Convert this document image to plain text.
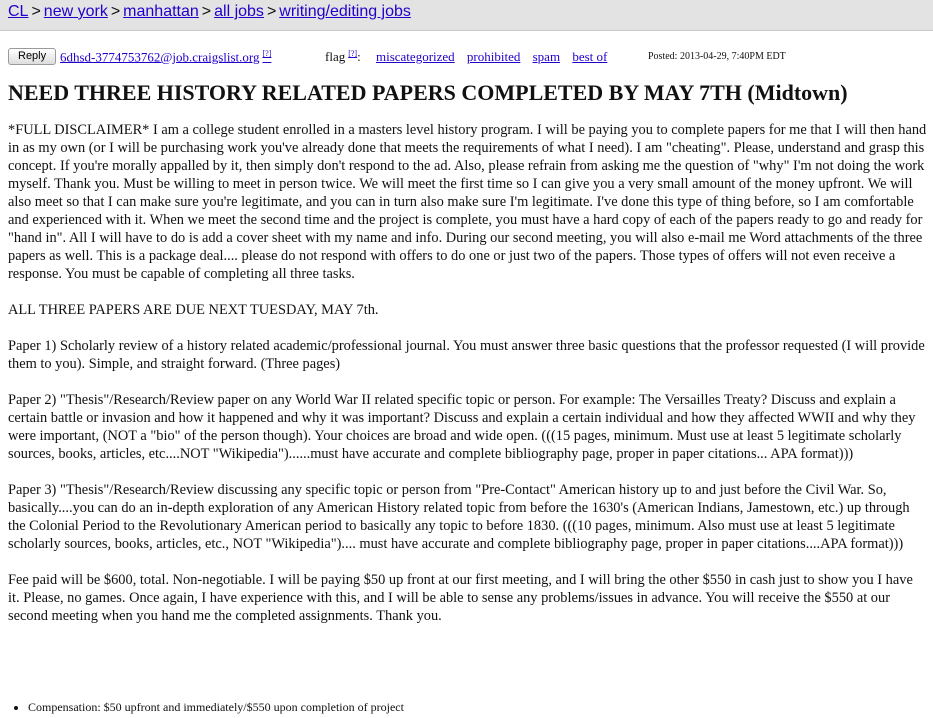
CL > new york > manhattan > all jobs > writing/editing jobs
Reply	6dhsd-3774753762@job.craigslist.org [?]	flag [?]: miscategorized prohibited spam best of	Posted: 2013-04-29, 7:40PM EDT
NEED THREE HISTORY RELATED PAPERS COMPLETED BY MAY 7TH (Midtown)

*FULL DISCLAIMER* I am a college student enrolled in a masters level history program. I will be paying you to complete papers for me that I will then hand in as my own (or I will be purchasing work you've already done that meets the requirements of what I need). I am "cheating". Please, understand and grasp this concept. If you're morally appalled by it, then simply don't respond to the ad. Also, please refrain from asking me the question of "why" I'm not doing the work myself. Thank you. Must be willing to meet in person twice. We will meet the first time so I can give you a very small amount of the money upfront. We will also meet so that I can make sure you're legitimate, and you can in turn also make sure I'm legitimate. I've done this type of thing before, so I am comfortable and experienced with it. When we meet the second time and the project is complete, you must have a hard copy of each of the papers ready to go and ready for "hand in". All I will have to do is add a cover sheet with my name and info. During our second meeting, you will also e-mail me Word attachments of the three papers as well. This is a package deal.... please do not respond with offers to do one or just two of the papers. Those types of offers will not even receive a response. You must be capable of completing all three tasks.

ALL THREE PAPERS ARE DUE NEXT TUESDAY, MAY 7th.

Paper 1) Scholarly review of a history related academic/professional journal. You must answer three basic questions that the professor requested (I will provide them to you). Simple, and straight forward. (Three pages)

Paper 2) "Thesis"/Research/Review paper on any World War II related specific topic or person. For example: The Versailles Treaty? Discuss and explain a certain battle or invasion and how it happened and why it was important? Discuss and explain a certain individual and how they affected WWII and why they were important, (NOT a "bio" of the person though). Your choices are broad and wide open. (((15 pages, minimum. Must use at least 5 legitimate scholarly sources, books, articles, etc....NOT "Wikipedia")......must have accurate and complete bibliography page, proper in paper citations... APA format)))

Paper 3) "Thesis"/Research/Review discussing any specific topic or person from "Pre-Contact" American history up to and just before the Civil War. So, basically....you can do an in-depth exploration of any American History related topic from before the 1630's (American Indians, Jamestown, etc.) up through the Colonial Period to the Revolutionary American period to basically any topic to before 1830. (((10 pages, minimum. Also must use at least 5 legitimate scholarly sources, books, articles, etc., NOT "Wikipedia").... must have accurate and complete bibliography page, proper in paper citations....APA format)))

Fee paid will be $600, total. Non-negotiable. I will be paying $50 up front at our first meeting, and I will bring the other $550 in cash just to show you I have it. Please, no games. Once again, I have experience with this, and I will be able to sense any problems/issues in advance. You will receive the $550 at our second meeting when you hand me the completed assignments. Thank you.

• Compensation: $50 upfront and immediately/$550 upon completion of project
